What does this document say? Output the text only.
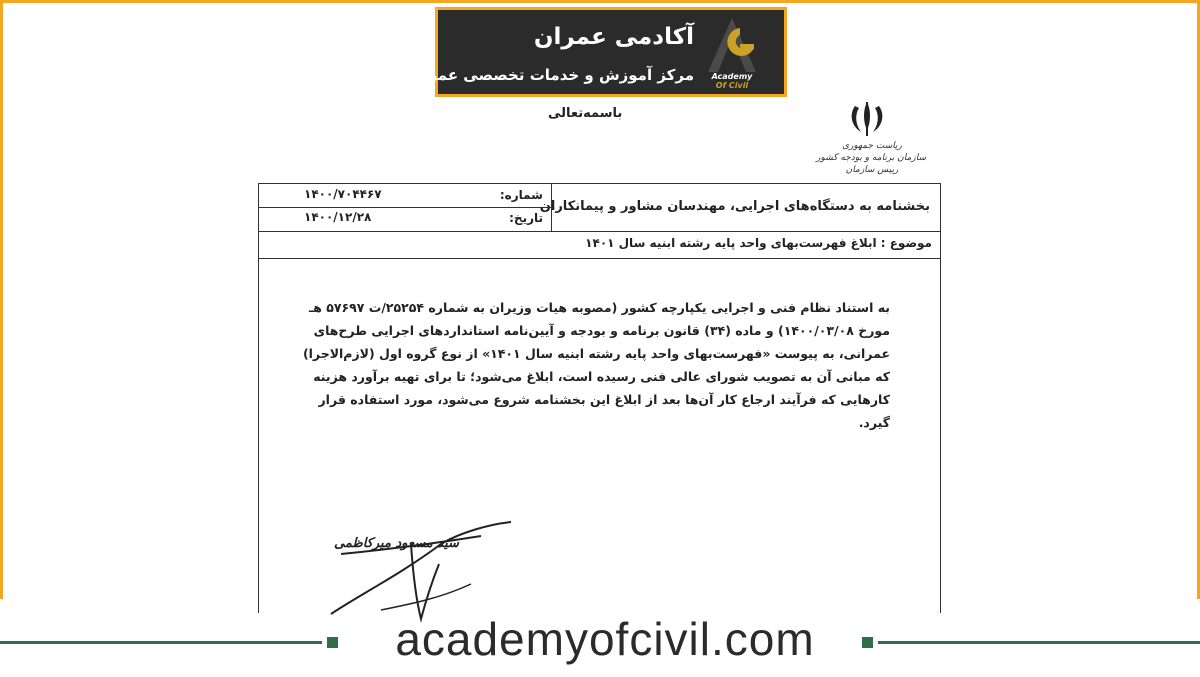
آکادمی عمران
مرکز آموزش و خدمات تخصصی عمران	Academy
Of Civil
باسمه‌تعالی
ریاست جمهوری
سازمان برنامه و بودجه کشور
رییس سازمان
بخشنامه به دستگاه‌های اجرایی، مهندسان مشاور و پیمانکاران
شماره:
۱۴۰۰/۷۰۴۴۶۷
تاریخ:
۱۴۰۰/۱۲/۲۸
موضوع : ابلاغ فهرست‌بهای واحد پایه رشته ابنیه سال ۱۴۰۱
به استناد نظام فنی و اجرایی یکپارچه کشور (مصوبه هیات وزیران به شماره ۲۵۲۵۴/ت ۵۷۶۹۷ هـ
مورخ ۱۴۰۰/۰۳/۰۸) و ماده (۳۴) قانون برنامه و بودجه و آیین‌نامه استانداردهای اجرایی طرح‌های
عمرانی، به پیوست «فهرست‌بهای واحد پایه رشته ابنیه سال ۱۴۰۱» از نوع گروه اول (لازم‌الاجرا)
که مبانی آن به تصویب شورای عالی فنی رسیده است، ابلاغ می‌شود؛ تا برای تهیه برآورد هزینه
کارهایی که فرآیند ارجاع کار آن‌ها بعد از ابلاغ این بخشنامه شروع می‌شود، مورد استفاده قرار
گیرد.
سید مسعود میرکاظمی
academyofcivil.com
